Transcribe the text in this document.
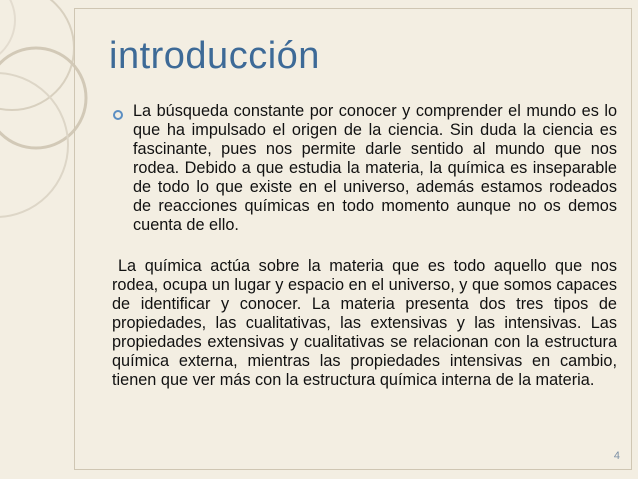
introducción

La búsqueda constante por conocer y comprender el mundo es lo que ha impulsado el origen de la ciencia. Sin duda la ciencia es fascinante, pues nos permite darle sentido al mundo que nos rodea. Debido a que estudia la materia, la química es inseparable de todo lo que existe en el universo, además estamos rodeados de reacciones químicas en todo momento aunque no os demos cuenta de ello.

La química actúa sobre la materia que es todo aquello que nos rodea, ocupa un lugar y espacio en el universo, y que somos capaces de identificar y conocer. La materia presenta dos tres tipos de propiedades, las cualitativas, las extensivas y las intensivas. Las propiedades extensivas y cualitativas se relacionan con la estructura química externa, mientras las propiedades intensivas en cambio, tienen que ver más con la estructura química interna de la materia.

4
